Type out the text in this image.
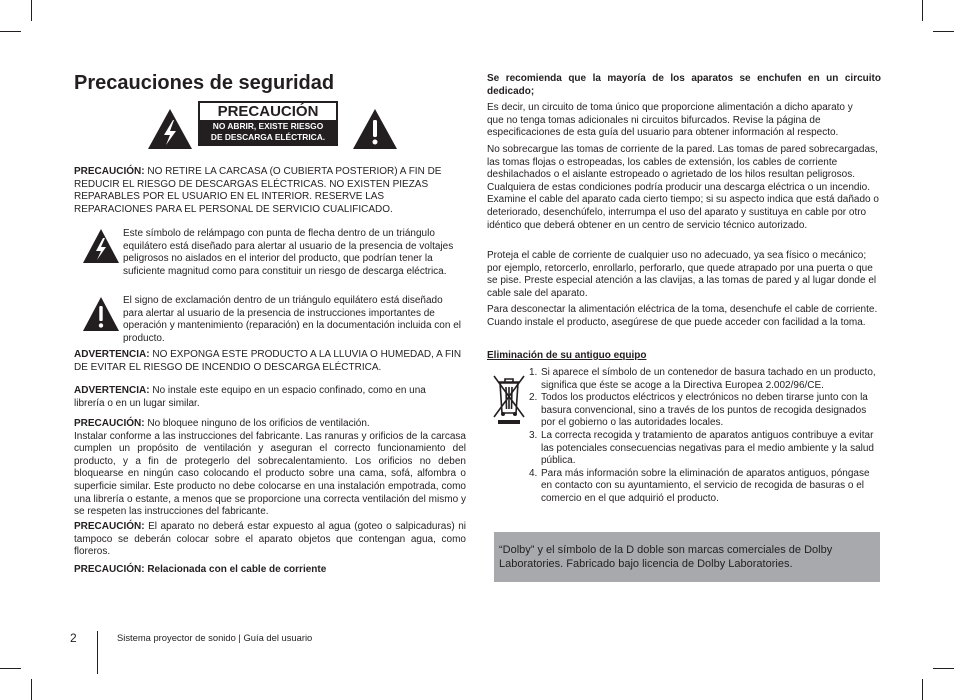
Precauciones de seguridad
PRECAUCIÓN
NO ABRIR, EXISTE RIESGO
DE DESCARGA ELÉCTRICA.

PRECAUCIÓN: NO RETIRE LA CARCASA (O CUBIERTA POSTERIOR) A FIN DE REDUCIR EL RIESGO DE DESCARGAS ELÉCTRICAS. NO EXISTEN PIEZAS REPARABLES POR EL USUARIO EN EL INTERIOR. RESERVE LAS REPARACIONES PARA EL PERSONAL DE SERVICIO CUALIFICADO.

Este símbolo de relámpago con punta de flecha dentro de un triángulo equilátero está diseñado para alertar al usuario de la presencia de voltajes peligrosos no aislados en el interior del producto, que podrían tener la suficiente magnitud como para constituir un riesgo de descarga eléctrica.

El signo de exclamación dentro de un triángulo equilátero está diseñado para alertar al usuario de la presencia de instrucciones importantes de operación y mantenimiento (reparación) en la documentación incluida con el producto.

ADVERTENCIA: NO EXPONGA ESTE PRODUCTO A LA LLUVIA O HUMEDAD, A FIN DE EVITAR EL RIESGO DE INCENDIO O DESCARGA ELÉCTRICA.

ADVERTENCIA: No instale este equipo en un espacio confinado, como en una librería o en un lugar similar.

PRECAUCIÓN: No bloquee ninguno de los orificios de ventilación.
Instalar conforme a las instrucciones del fabricante. Las ranuras y orificios de la carcasa cumplen un propósito de ventilación y aseguran el correcto funcionamiento del producto, y a fin de protegerlo del sobrecalentamiento. Los orificios no deben bloquearse en ningún caso colocando el producto sobre una cama, sofá, alfombra o superficie similar. Este producto no debe colocarse en una instalación empotrada, como una librería o estante, a menos que se proporcione una correcta ventilación del mismo y se respeten las instrucciones del fabricante.

PRECAUCIÓN: El aparato no deberá estar expuesto al agua (goteo o salpicaduras) ni tampoco se deberán colocar sobre el aparato objetos que contengan agua, como floreros.

PRECAUCIÓN: Relacionada con el cable de corriente

Se recomienda que la mayoría de los aparatos se enchufen en un circuito dedicado;

Es decir, un circuito de toma único que proporcione alimentación a dicho aparato y que no tenga tomas adicionales ni circuitos bifurcados. Revise la página de especificaciones de esta guía del usuario para obtener información al respecto.

No sobrecargue las tomas de corriente de la pared. Las tomas de pared sobrecargadas, las tomas flojas o estropeadas, los cables de extensión, los cables de corriente deshilachados o el aislante estropeado o agrietado de los hilos resultan peligrosos. Cualquiera de estas condiciones podría producir una descarga eléctrica o un incendio. Examine el cable del aparato cada cierto tiempo; si su aspecto indica que está dañado o deteriorado, desenchúfelo, interrumpa el uso del aparato y sustituya en cable por otro idéntico que deberá obtener en un centro de servicio técnico autorizado.

Proteja el cable de corriente de cualquier uso no adecuado, ya sea físico o mecánico; por ejemplo, retorcerlo, enrollarlo, perforarlo, que quede atrapado por una puerta o que se pise. Preste especial atención a las clavijas, a las tomas de pared y al lugar donde el cable sale del aparato.

Para desconectar la alimentación eléctrica de la toma, desenchufe el cable de corriente. Cuando instale el producto, asegúrese de que puede acceder con facilidad a la toma.

Eliminación de su antiguo equipo
1. Si aparece el símbolo de un contenedor de basura tachado en un producto, significa que éste se acoge a la Directiva Europea 2.002/96/CE.
2. Todos los productos eléctricos y electrónicos no deben tirarse junto con la basura convencional, sino a través de los puntos de recogida designados por el gobierno o las autoridades locales.
3. La correcta recogida y tratamiento de aparatos antiguos contribuye a evitar las potenciales consecuencias negativas para el medio ambiente y la salud pública.
4. Para más información sobre la eliminación de aparatos antiguos, póngase en contacto con su ayuntamiento, el servicio de recogida de basuras o el comercio en el que adquirió el producto.

“Dolby” y el símbolo de la D doble son marcas comerciales de Dolby Laboratories. Fabricado bajo licencia de Dolby Laboratories.

2	Sistema proyector de sonido | Guía del usuario
